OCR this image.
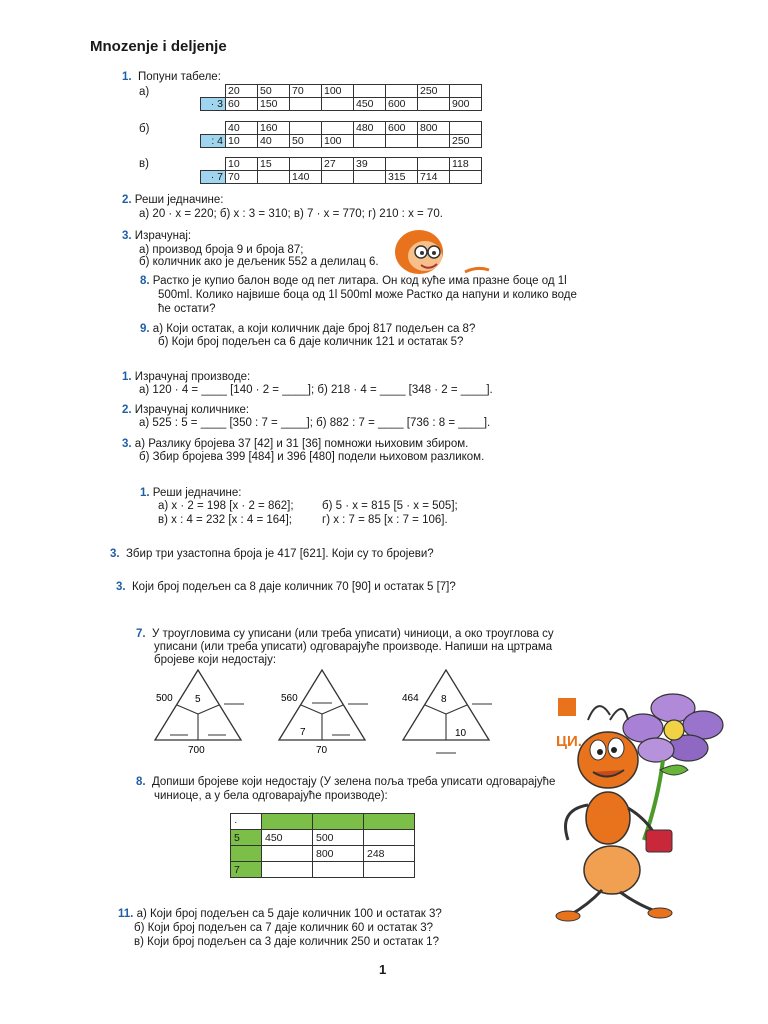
Mnozenje i deljenje
1. Попуни табеле:
а)
		20	50	70	100			250	
· 3	60	150			450	600		900
б)
		40	160			480	600	800	
: 4	10	40	50	100				250
в)
		10	15		27	39			118
· 7	70		140			315	714	
2. Реши једначине:
а) 20 · x = 220; б) x : 3 = 310; в) 7 · x = 770; г) 210 : x = 70.
3. Израчунај:
а) производ броја 9 и броја 87;
б) количник ако је дељеник 552 а делилац 6.
8. Растко је купио балон воде од пет литара. Он код куће има празне боце од 1l
500ml. Колико највише боца од 1l 500ml може Растко да напуни и колико воде
ће остати?
9. а) Који остатак, а који количник даје број 817 подељен са 8?
б) Који број подељен са 6 даје количник 121 и остатак 5?
1. Израчунај производе:
а) 120 · 4 = ____ [140 · 2 = ____]; б) 218 · 4 = ____ [348 · 2 = ____].
2. Израчунај количнике:
а) 525 : 5 = ____ [350 : 7 = ____]; б) 882 : 7 = ____ [736 : 8 = ____].
3. а) Разлику бројева 37 [42] и 31 [36] помножи њиховим збиром.
б) Збир бројева 399 [484] и 396 [480] подели њиховом разликом.
1. Реши једначине:
а) x · 2 = 198 [x · 2 = 862]; б) 5 · x = 815 [5 · x = 505];
в) x : 4 = 232 [x : 4 = 164];	г) x : 7 = 85 [x : 7 = 106].
3. Збир три узастопна броја је 417 [621]. Који су то бројеви?
3. Који број подељен са 8 даје количник 70 [90] и остатак 5 [7]?
7. У троугловима су уписани (или треба уписати) чиниоци, а око троуглова су
уписани (или треба уписати) одговарајуће производе. Напиши на цртрама
бројеве који недостају:
500 5
700
560
7
70
464 8
10
8. Допиши бројеве који недостају (У зелена поља треба уписати одговарајуће
чиниоце, а у бела одговарајуће производе):
·			
5	450	500	
		800	248
7			
11. а) Који број подељен са 5 даје количник 100 и остатак 3?
б) Који број подељен са 7 даје количник 60 и остатак 3?
в) Који број подељен са 3 даје количник 250 и остатак 1?
1
ЦИ.
